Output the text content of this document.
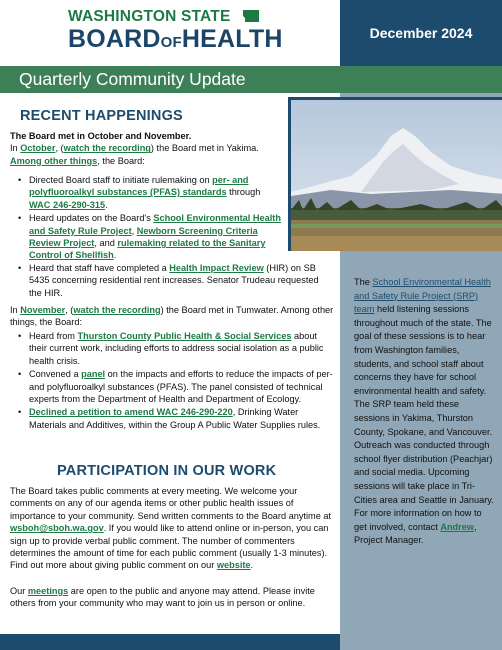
WASHINGTON STATE
BOARDOFHEALTH	December 2024
Quarterly Community Update
The School Environmental Health and Safety Rule Project (SRP) team held listening sessions throughout much of the state. The goal of these sessions is to hear from Washington families, students, and school staff about concerns they have for school environmental health and safety. The SRP team held these sessions in Yakima, Thurston County, Spokane, and Vancouver. Outreach was conducted through school flyer distribution (Peachjar) and social media. Upcoming sessions will take place in Tri-Cities area and Seattle in January. For more information on how to get involved, contact Andrew, Project Manager.
RECENT HAPPENINGS
The Board met in October and November.
In October, (watch the recording) the Board met in Yakima.
Among other things, the Board:
• Directed Board staff to initiate rulemaking on per- and polyfluoroalkyl substances (PFAS) standards through WAC 246-290-315.
• Heard updates on the Board's School Environmental Health and Safety Rule Project, Newborn Screening Criteria Review Project, and rulemaking related to the Sanitary Control of Shellfish.
• Heard that staff have completed a Health Impact Review (HIR) on SB 5435 concerning residential rent increases. Senator Trudeau requested the HIR.
In November, (watch the recording) the Board met in Tumwater. Among other things, the Board:
• Heard from Thurston County Public Health & Social Services about their current work, including efforts to address social isolation as a public health crisis.
• Convened a panel on the impacts and efforts to reduce the impacts of per- and polyfluoroalkyl substances (PFAS). The panel consisted of technical experts from the Department of Health and Department of Ecology.
• Declined a petition to amend WAC 246-290-220, Drinking Water Materials and Additives, within the Group A Public Water Supplies rules.
PARTICIPATION IN OUR WORK
The Board takes public comments at every meeting. We welcome your comments on any of our agenda items or other public health issues of importance to your community. Send written comments to the Board anytime at wsboh@sboh.wa.gov. If you would like to attend online or in-person, you can sign up to provide verbal public comment. The number of commenters determines the amount of time for each public comment (usually 1-3 minutes). Find out more about giving public comment on our website.
Our meetings are open to the public and anyone may attend. Please invite others from your community who may want to join us in person or online.
